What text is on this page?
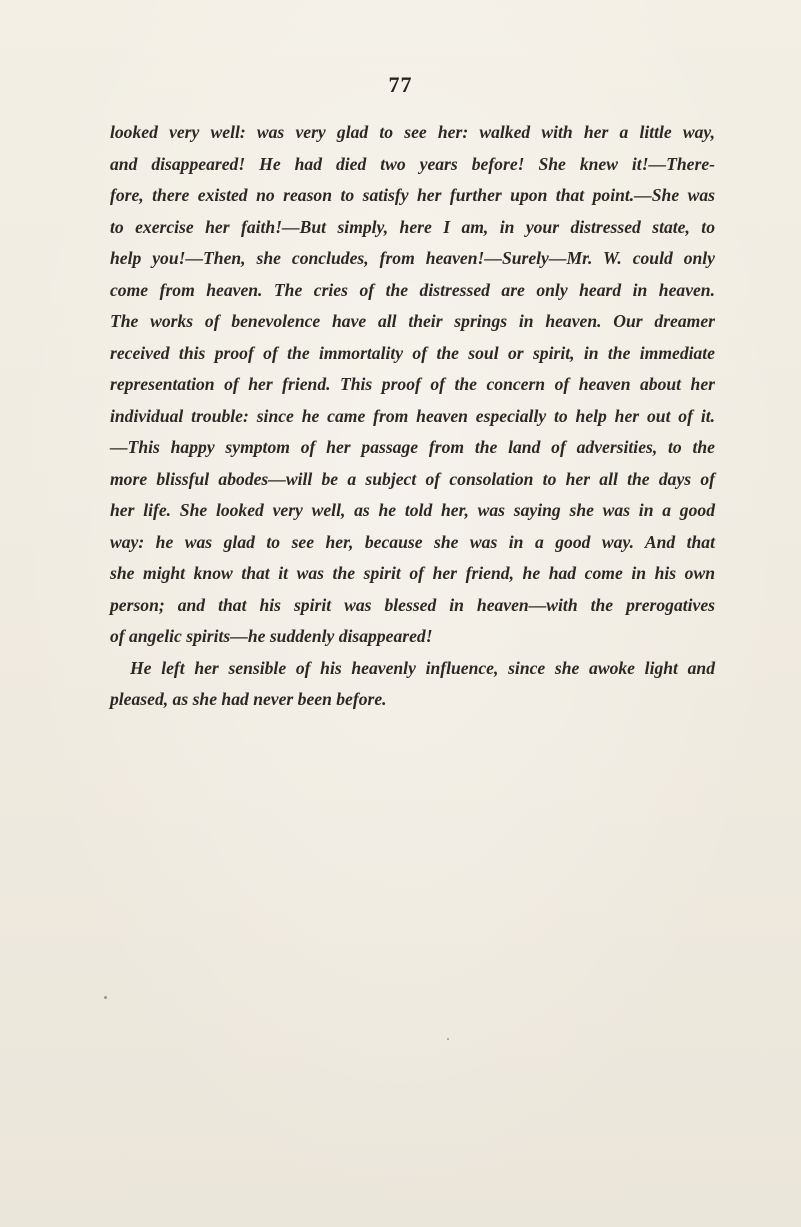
77
looked very well: was very glad to see her: walked with her a little way,
and disappeared! He had died two years before! She knew it!—There-
fore, there existed no reason to satisfy her further upon that point.—She was
to exercise her faith!—But simply, here I am, in your distressed state, to
help you!—Then, she concludes, from heaven!—Surely—Mr. W. could only
come from heaven. The cries of the distressed are only heard in heaven.
The works of benevolence have all their springs in heaven. Our dreamer
received this proof of the immortality of the soul or spirit, in the immediate
representation of her friend. This proof of the concern of heaven about her
individual trouble: since he came from heaven especially to help her out of it.
—This happy symptom of her passage from the land of adversities, to the
more blissful abodes—will be a subject of consolation to her all the days of
her life. She looked very well, as he told her, was saying she was in a good
way: he was glad to see her, because she was in a good way. And that
she might know that it was the spirit of her friend, he had come in his own
person; and that his spirit was blessed in heaven—with the prerogatives
of angelic spirits—he suddenly disappeared!
He left her sensible of his heavenly influence, since she awoke light and
pleased, as she had never been before.
